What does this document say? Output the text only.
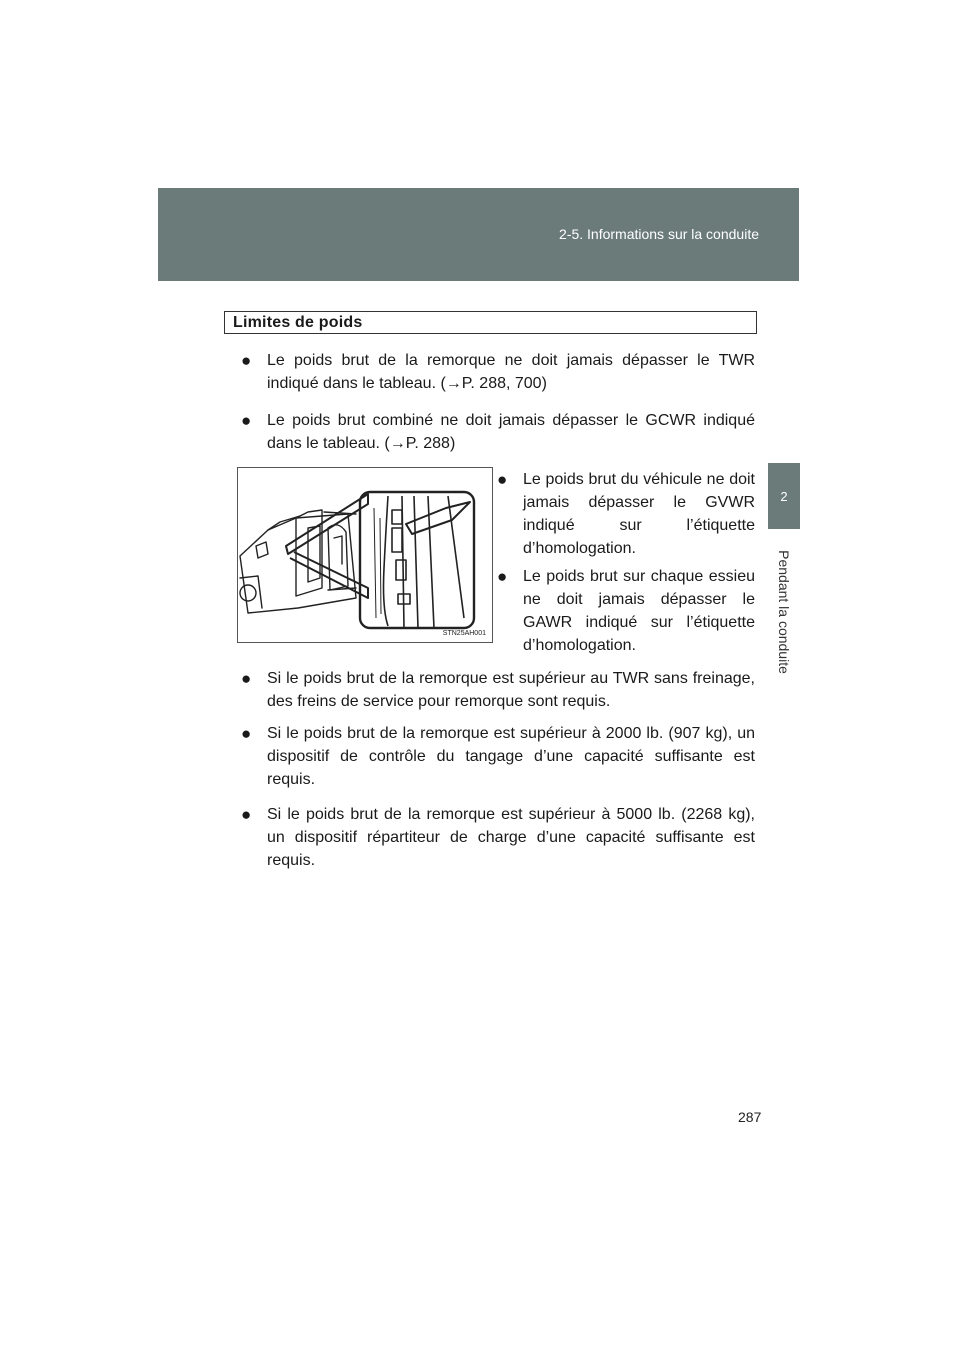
2-5. Informations sur la conduite
2
Pendant la conduite
Limites de poids
● Le poids brut de la remorque ne doit jamais dépasser le TWR indiqué dans le tableau. (→P. 288, 700)
● Le poids brut combiné ne doit jamais dépasser le GCWR indiqué dans le tableau. (→P. 288)
STN25AH001
● Le poids brut du véhicule ne doit jamais dépasser le GVWR indiqué sur l’étiquette d’homologation.
● Le poids brut sur chaque essieu ne doit jamais dépasser le GAWR indiqué sur l’étiquette d’homologation.
● Si le poids brut de la remorque est supérieur au TWR sans freinage, des freins de service pour remorque sont requis.
● Si le poids brut de la remorque est supérieur à 2000 lb. (907 kg), un dispositif de contrôle du tangage d’une capacité suffisante est requis.
● Si le poids brut de la remorque est supérieur à 5000 lb. (2268 kg), un dispositif répartiteur de charge d’une capacité suffisante est requis.
287
